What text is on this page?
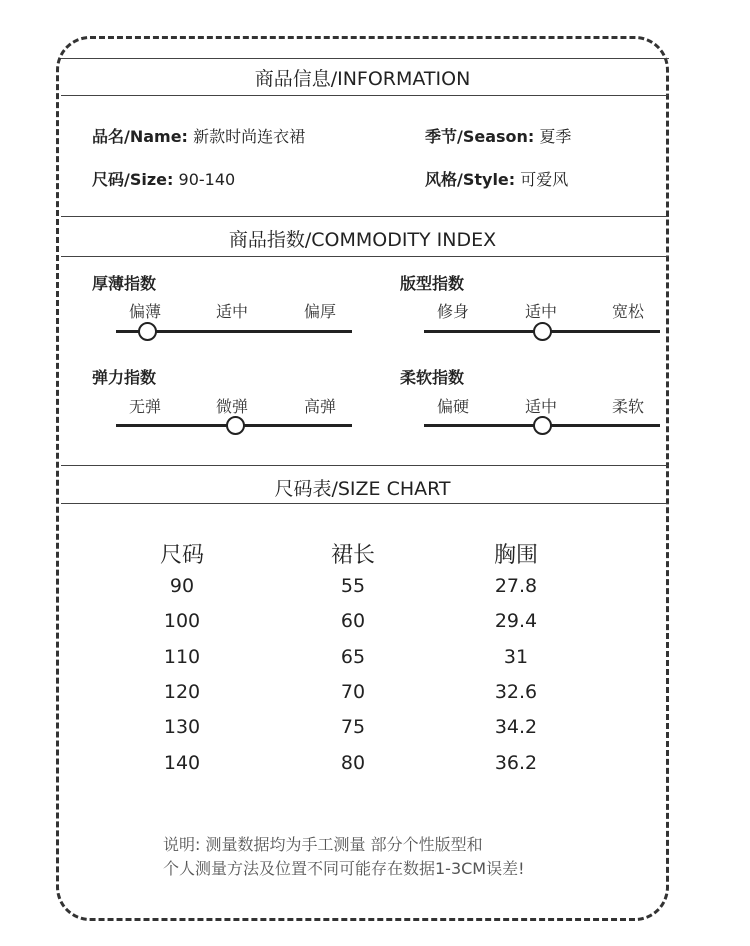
商品信息/INFORMATION
品名/Name: 新款时尚连衣裙	季节/Season: 夏季
尺码/Size: 90-140	风格/Style: 可爱风
商品指数/COMMODITY INDEX
厚薄指数
偏薄	适中	偏厚
版型指数
修身	适中	宽松
弹力指数
无弹	微弹	高弹
柔软指数
偏硬	适中	柔软
尺码表/SIZE CHART
尺码	裙长	胸围
90	55	27.8
100	60	29.4
110	65	31
120	70	32.6
130	75	34.2
140	80	36.2
说明: 测量数据均为手工测量 部分个性版型和
个人测量方法及位置不同可能存在数据1-3CM误差!
